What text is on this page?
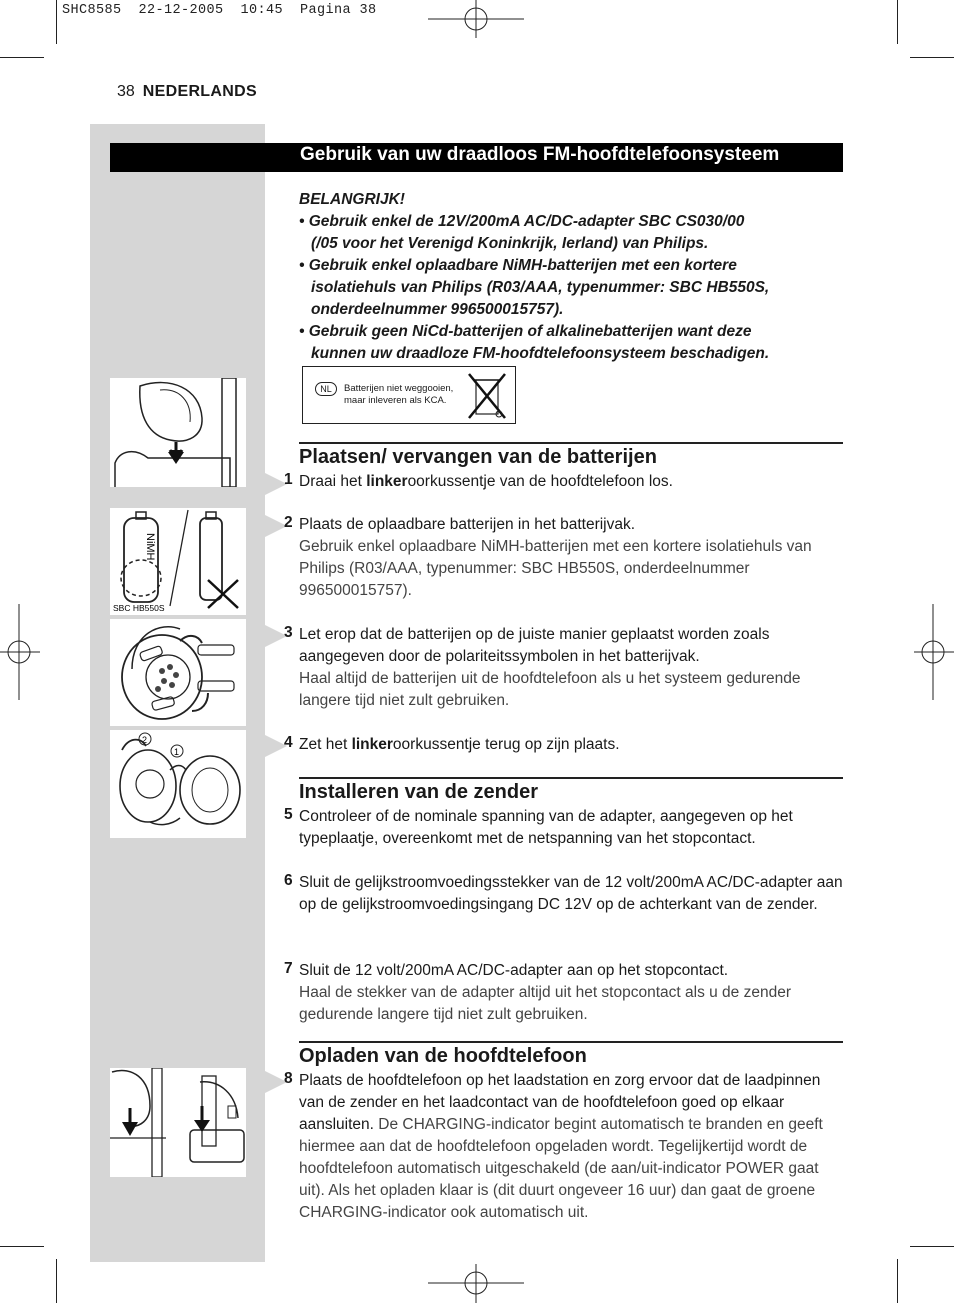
SHC8585  22-12-2005  10:45  Pagina 38
38 NEDERLANDS
Gebruik van uw draadloos FM-hoofdtelefoonsysteem
BELANGRIJK!
• Gebruik enkel de 12V/200mA AC/DC-adapter SBC CS030/00
(/05 voor het Verenigd Koninkrijk, Ierland) van Philips.
• Gebruik enkel oplaadbare NiMH-batterijen met een kortere
isolatiehuls van Philips (R03/AAA, typenummer: SBC HB550S,
onderdeelnummer 996500015757).
• Gebruik geen NiCd-batterijen of alkalinebatterijen want deze
kunnen uw draadloze FM-hoofdtelefoonsysteem beschadigen.
NL	Batterijen niet weggooien,
maar inleveren als KCA.
Plaatsen/ vervangen van de batterijen
1 Draai het linkeroorkussentje van de hoofdtelefoon los.
2 Plaats de oplaadbare batterijen in het batterijvak.
Gebruik enkel oplaadbare NiMH-batterijen met een kortere isolatiehuls van Philips (R03/AAA, typenummer: SBC HB550S, onderdeelnummer 996500015757).
3 Let erop dat de batterijen op de juiste manier geplaatst worden zoals aangegeven door de polariteitssymbolen in het batterijvak.
Haal altijd de batterijen uit de hoofdtelefoon als u het systeem gedurende langere tijd niet zult gebruiken.
4 Zet het linkeroorkussentje terug op zijn plaats.
Installeren van de zender
5 Controleer of de nominale spanning van de adapter, aangegeven op het typeplaatje, overeenkomt met de netspanning van het stopcontact.
6 Sluit de gelijkstroomvoedingsstekker van de 12 volt/200mA AC/DC-adapter aan op de gelijkstroomvoedingsingang DC 12V op de achterkant van de zender.
7 Sluit de 12 volt/200mA AC/DC-adapter aan op het stopcontact.
Haal de stekker van de adapter altijd uit het stopcontact als u de zender gedurende langere tijd niet zult gebruiken.
Opladen van de hoofdtelefoon
8 Plaats de hoofdtelefoon op het laadstation en zorg ervoor dat de laadpinnen van de zender en het laadcontact van de hoofdtelefoon goed op elkaar aansluiten. De CHARGING-indicator begint automatisch te branden en geeft hiermee aan dat de hoofdtelefoon opgeladen wordt. Tegelijkertijd wordt de hoofdtelefoon automatisch uitgeschakeld (de aan/uit-indicator POWER gaat uit). Als het opladen klaar is (dit duurt ongeveer 16 uur) dan gaat de groene CHARGING-indicator ook automatisch uit.
NiMH
SBC HB550S
2
1
